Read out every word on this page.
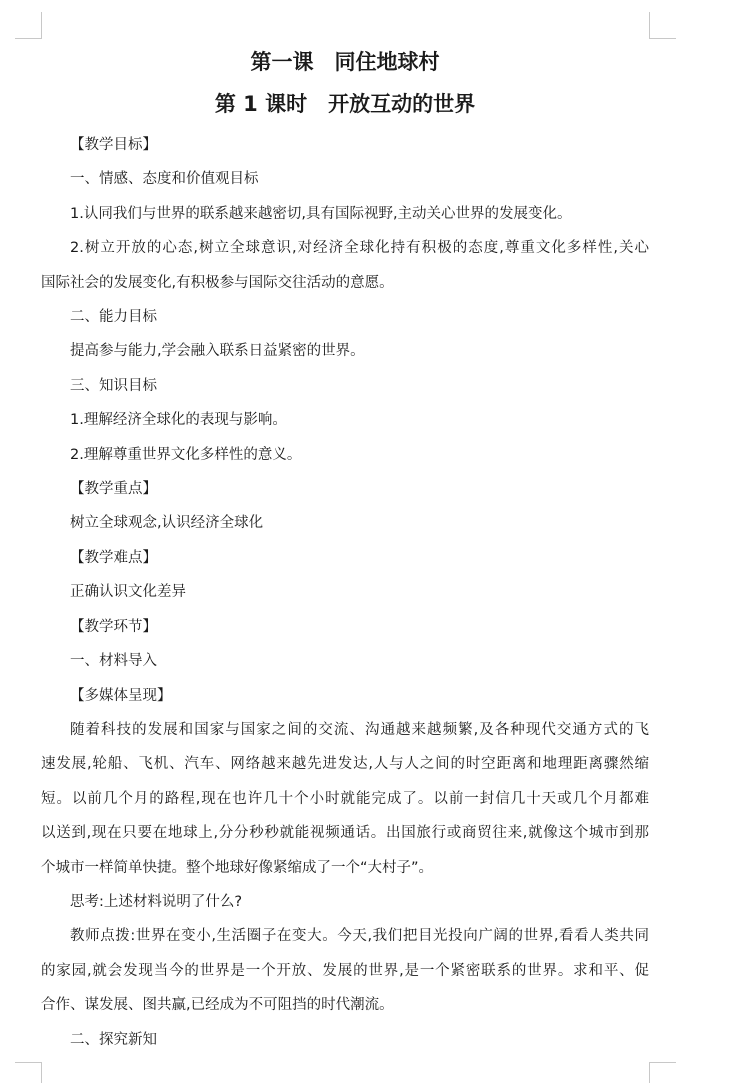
第一课　同住地球村
第 1 课时　开放互动的世界

【教学目标】

一、情感、态度和价值观目标

1.认同我们与世界的联系越来越密切,具有国际视野,主动关心世界的发展变化。

2.树立开放的心态,树立全球意识,对经济全球化持有积极的态度,尊重文化多样性,关心
国际社会的发展变化,有积极参与国际交往活动的意愿。

二、能力目标

提高参与能力,学会融入联系日益紧密的世界。

三、知识目标

1.理解经济全球化的表现与影响。

2.理解尊重世界文化多样性的意义。

【教学重点】

树立全球观念,认识经济全球化

【教学难点】

正确认识文化差异

【教学环节】

一、材料导入

【多媒体呈现】

随着科技的发展和国家与国家之间的交流、沟通越来越频繁,及各种现代交通方式的飞
速发展,轮船、飞机、汽车、网络越来越先进发达,人与人之间的时空距离和地理距离骤然缩
短。以前几个月的路程,现在也许几十个小时就能完成了。以前一封信几十天或几个月都难
以送到,现在只要在地球上,分分秒秒就能视频通话。出国旅行或商贸往来,就像这个城市到那
个城市一样简单快捷。整个地球好像紧缩成了一个“大村子”。

思考:上述材料说明了什么?

教师点拨:世界在变小,生活圈子在变大。今天,我们把目光投向广阔的世界,看看人类共同
的家园,就会发现当今的世界是一个开放、发展的世界,是一个紧密联系的世界。求和平、促
合作、谋发展、图共赢,已经成为不可阻挡的时代潮流。

二、探究新知
